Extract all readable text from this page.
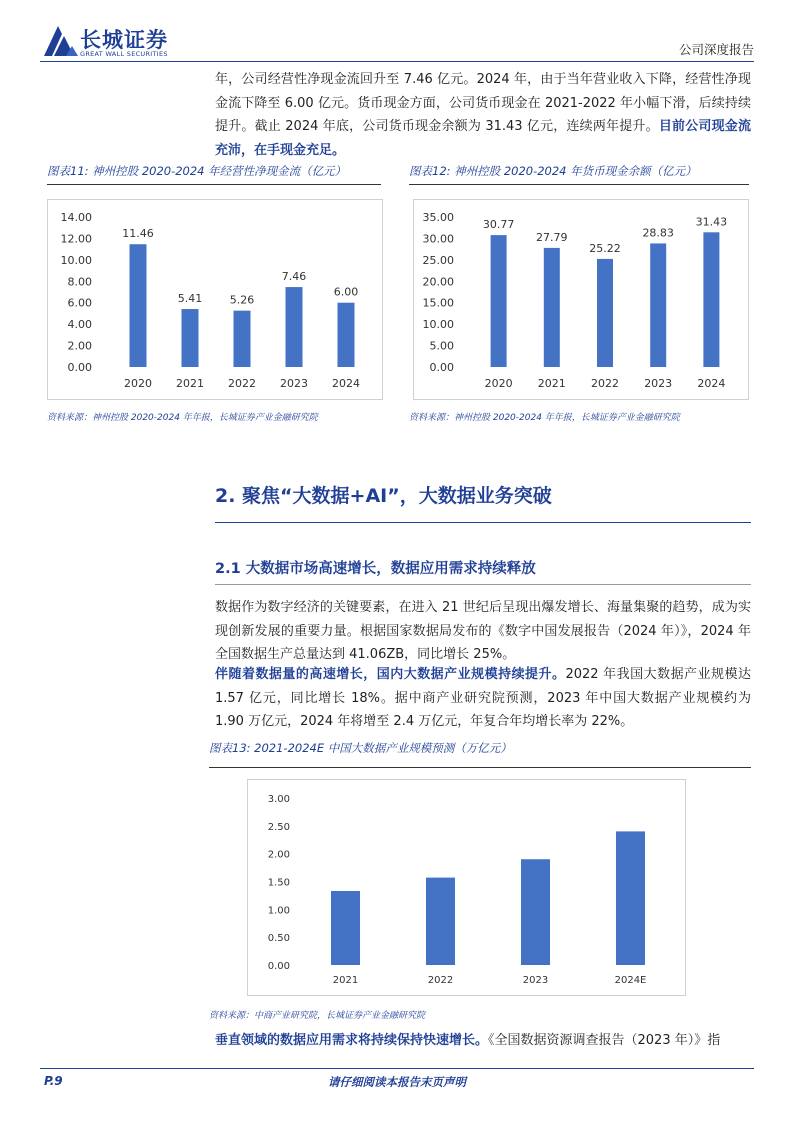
长城证券
GREAT WALL SECURITIES	公司深度报告
年，公司经营性净现金流回升至 7.46 亿元。2024 年，由于当年营业收入下降，经营性净现金流下降至 6.00 亿元。货币现金方面，公司货币现金在 2021-2022 年小幅下滑，后续持续提升。截止 2024 年底，公司货币现金余额为 31.43 亿元，连续两年提升。目前公司现金流充沛，在手现金充足。
图表11: 神州控股 2020-2024 年经营性净现金流（亿元）	图表12: 神州控股 2020-2024 年货币现金余额（亿元）
0.00
2.00
4.00
6.00
8.00
10.00
12.00
14.00
11.46
2020
5.41
2021
5.26
2022
7.46
2023
6.00
2024
0.00
5.00
10.00
15.00
20.00
25.00
30.00
35.00
30.77
2020
27.79
2021
25.22
2022
28.83
2023
31.43
2024
资料来源：神州控股 2020-2024 年年报，长城证券产业金融研究院	资料来源：神州控股 2020-2024 年年报，长城证券产业金融研究院
2. 聚焦“大数据+AI”，大数据业务突破
2.1 大数据市场高速增长，数据应用需求持续释放
数据作为数字经济的关键要素，在进入 21 世纪后呈现出爆发增长、海量集聚的趋势，成为实现创新发展的重要力量。根据国家数据局发布的《数字中国发展报告（2024 年）》，2024 年全国数据生产总量达到 41.06ZB，同比增长 25%。
伴随着数据量的高速增长，国内大数据产业规模持续提升。2022 年我国大数据产业规模达 1.57 亿元，同比增长 18%。据中商产业研究院预测，2023 年中国大数据产业规模约为 1.90 万亿元，2024 年将增至 2.4 万亿元，年复合年均增长率为 22%。
图表13: 2021-2024E 中国大数据产业规模预测（万亿元）
0.00
0.50
1.00
1.50
2.00
2.50
3.00
2021	2022	2023	2024E
资料来源：中商产业研究院，长城证券产业金融研究院
垂直领域的数据应用需求将持续保持快速增长。《全国数据资源调查报告（2023 年）》指
P.9	请仔细阅读本报告末页声明
